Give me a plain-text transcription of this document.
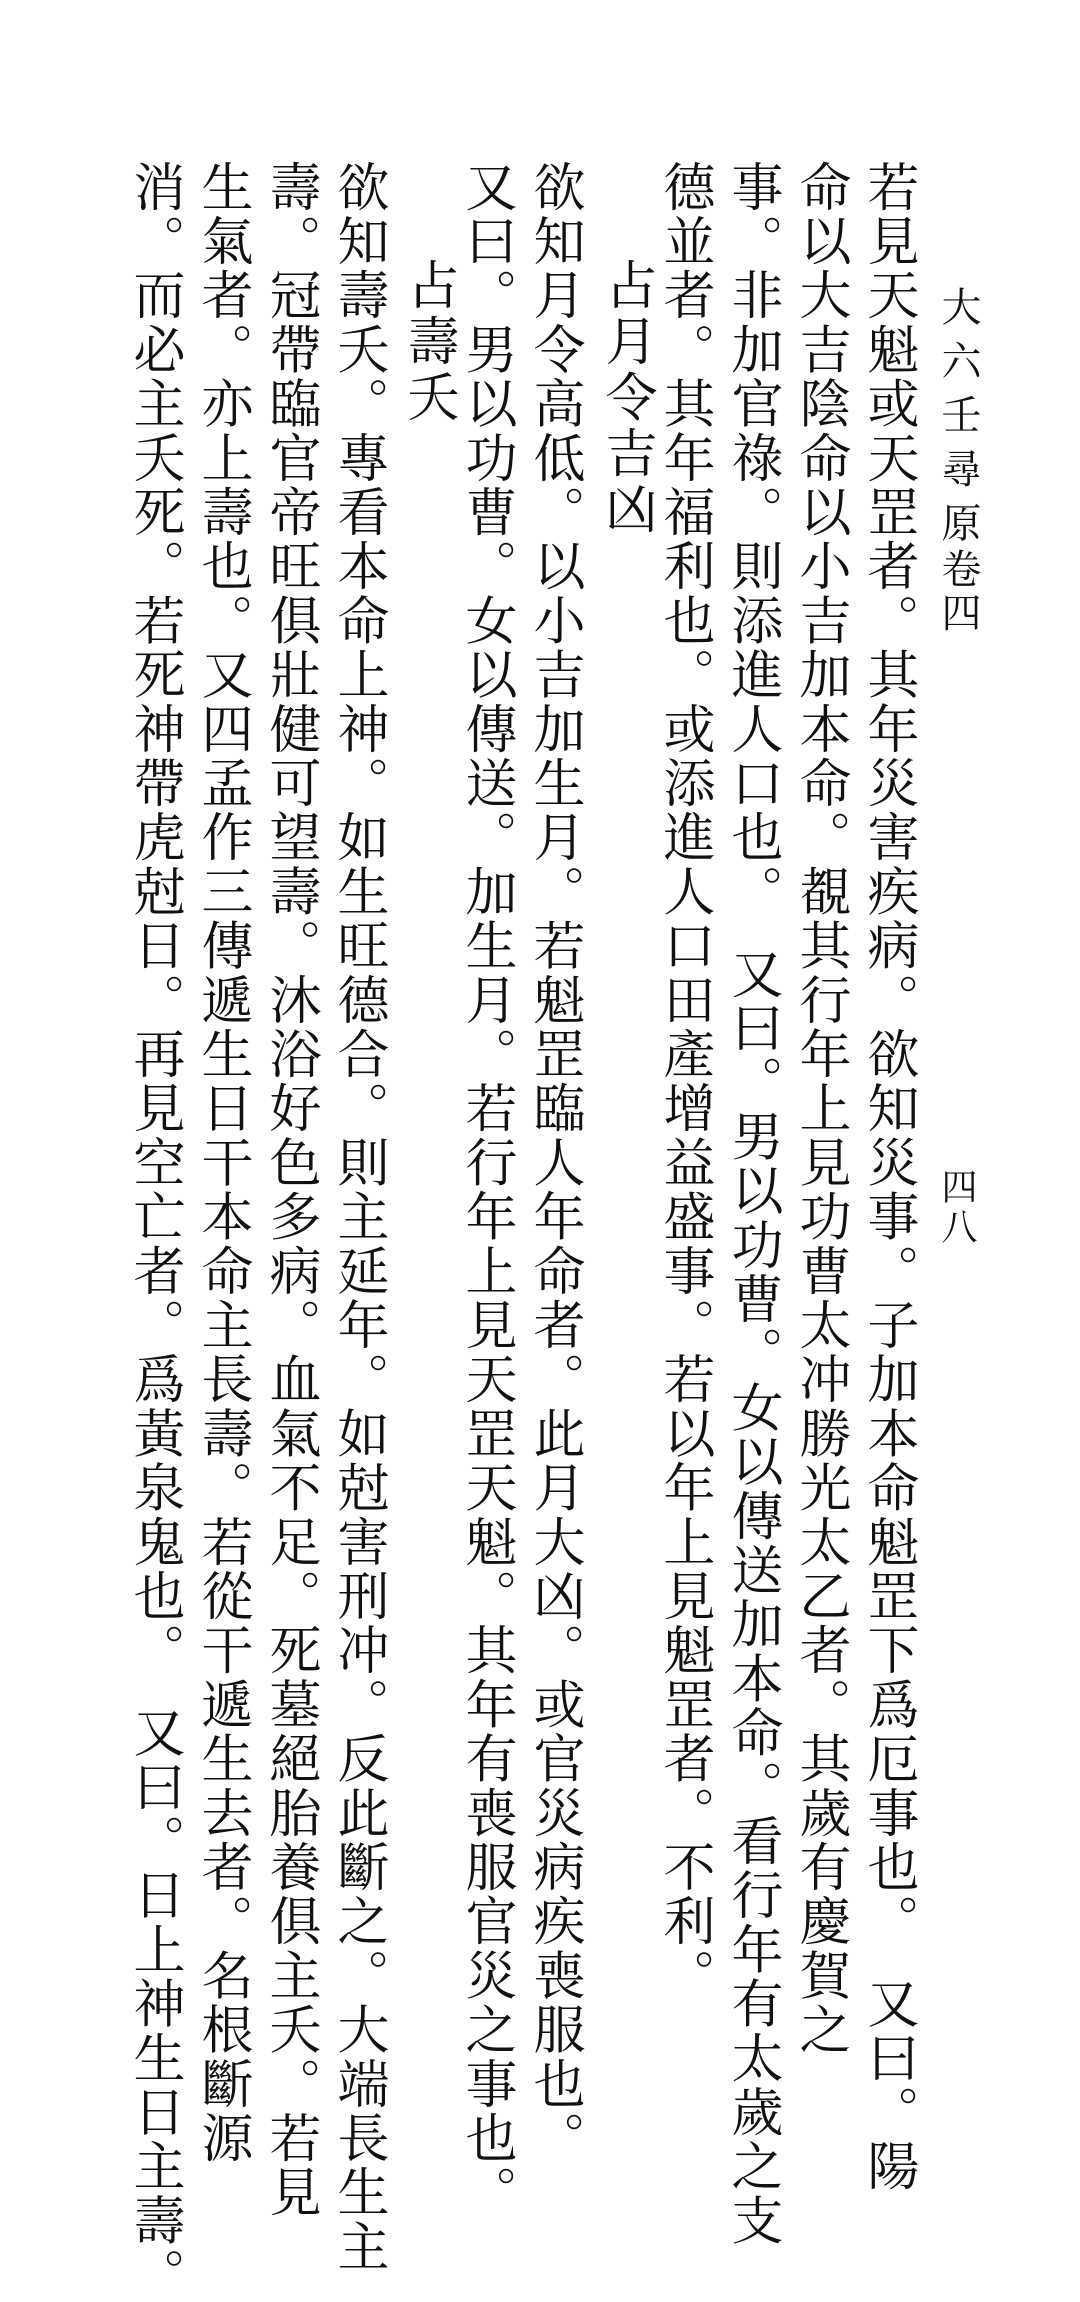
大六壬尋原
卷四
四八
若見天魁或天罡者。其年災害疾病。欲知災事。子加本命魁罡下爲厄事也。　又曰。陽
命以大吉陰命以小吉加本命。覩其行年上見功曹太冲勝光太乙者。其歲有慶賀之
事。非加官祿。則添進人口也。　又曰。男以功曹。女以傳送加本命。看行年有太歲之支
德並者。其年福利也。或添進人口田產增益盛事。若以年上見魁罡者。不利。
占月令吉凶
欲知月令高低。以小吉加生月。若魁罡臨人年命者。此月大凶。或官災病疾喪服也。
又曰。男以功曹。女以傳送。加生月。若行年上見天罡天魁。其年有喪服官災之事也。
占壽夭
欲知壽夭。專看本命上神。如生旺德合。則主延年。如尅害刑冲。反此斷之。大端長生主
壽。冠帶臨官帝旺俱壯健可望壽。沐浴好色多病。血氣不足。死墓絕胎養俱主夭。若見
生氣者。亦上壽也。又四孟作三傳遞生日干本命主長壽。若從干遞生去者。名根斷源
消。而必主夭死。若死神帶虎尅日。再見空亡者。爲黃泉鬼也。　又曰。日上神生日主壽。
